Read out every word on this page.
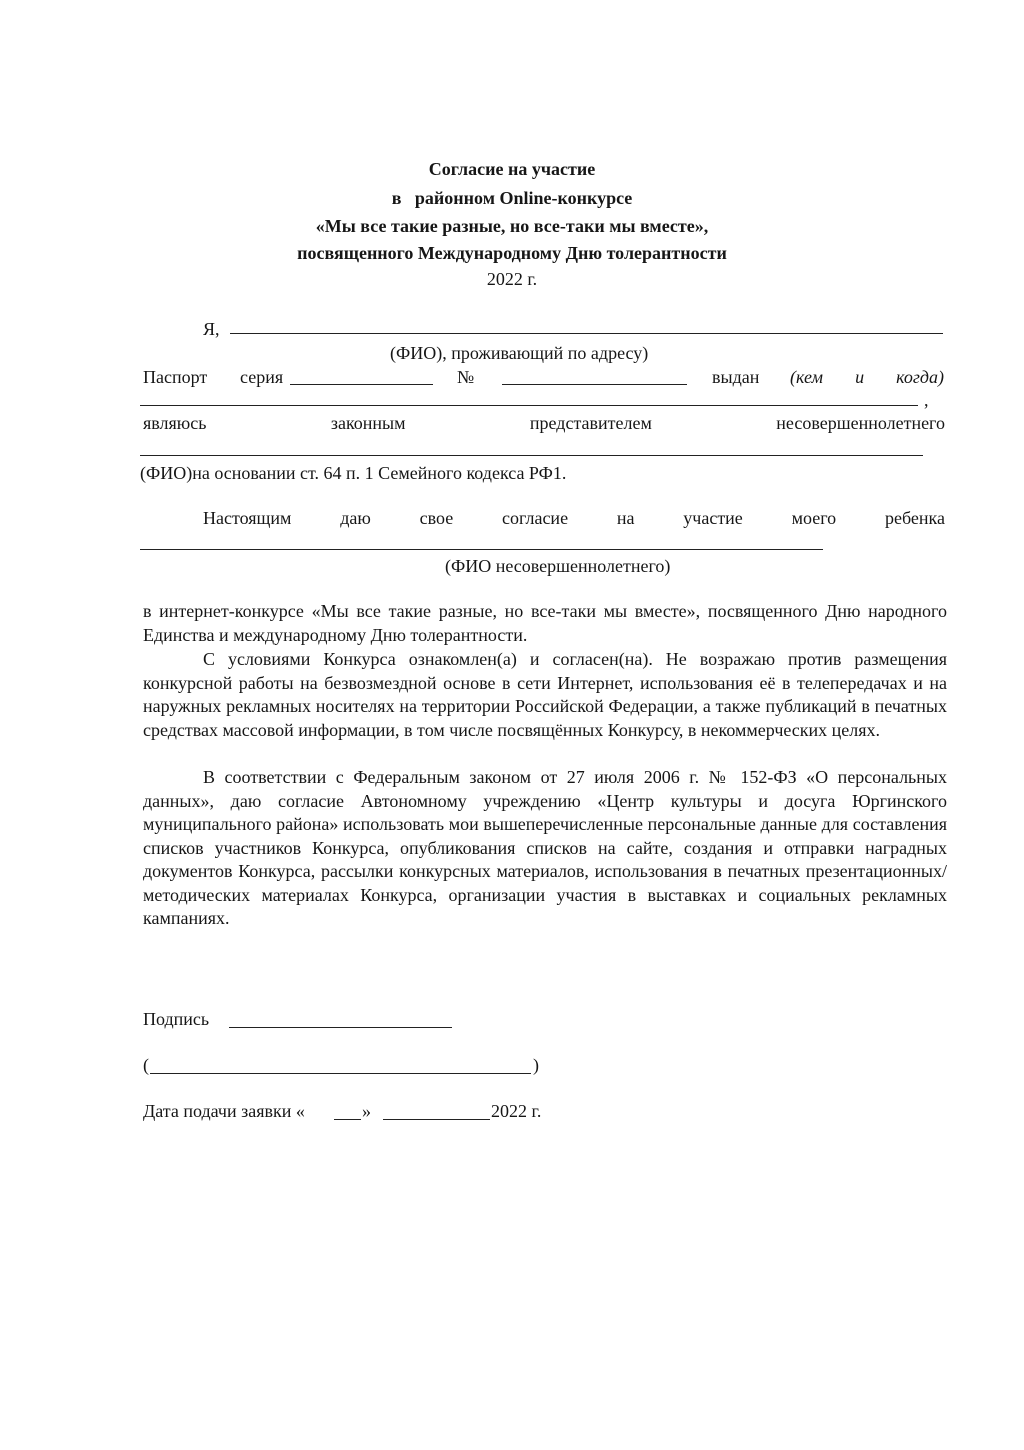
Согласие на участие
в   районном Online-конкурсе
«Мы все такие разные, но все-таки мы вместе»,
посвященного Международному Дню толерантности
2022 г.
Я,
(ФИО), проживающий по адресу)
Паспорт серия	№	выдан (кем и когда)
,
являюсь	законным	представителем	несовершеннолетнего
(ФИО)на основании ст. 64 п. 1 Семейного кодекса РФ1.
Настоящим	даю	свое	согласие	на	участие	моего	ребенка
(ФИО несовершеннолетнего)

в интернет-конкурсе «Мы все такие разные, но все-таки мы вместе», посвященного Дню народного Единства и международному Дню толерантности.

С условиями Конкурса ознакомлен(а) и согласен(на). Не возражаю против размещения конкурсной работы на безвозмездной основе в сети Интернет, использования её в телепередачах и на наружных рекламных носителях на территории Российской Федерации, а также публикаций в печатных средствах массовой информации, в том числе посвящённых Конкурсу, в некоммерческих целях.

В соответствии с Федеральным законом от 27 июля 2006 г. № 152-ФЗ «О персональных данных», даю согласие Автономному учреждению «Центр культуры и досуга Юргинского муниципального района» использовать мои вышеперечисленные персональные данные для составления списков участников Конкурса, опубликования списков на сайте, создания и отправки наградных документов Конкурса, рассылки конкурсных материалов, использования в печатных презентационных/методических материалах Конкурса, организации участия в выставках и социальных рекламных кампаниях.

Подпись
(	)
Дата подачи заявки «	»	2022 г.
